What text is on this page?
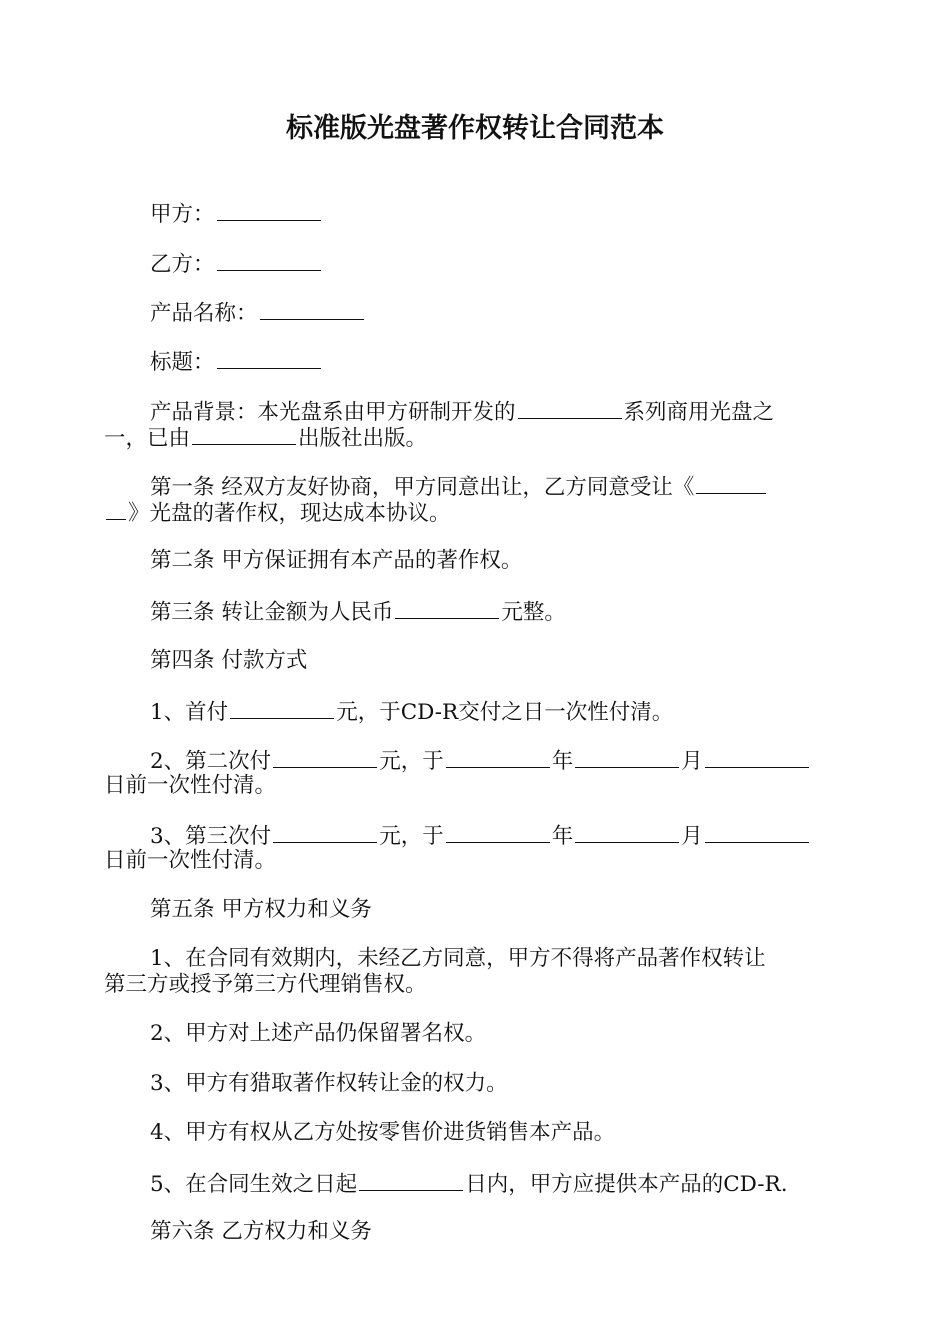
标准版光盘著作权转让合同范本
甲方：
乙方：
产品名称：
标题：
产品背景：本光盘系由甲方研制开发的	系列商用光盘之
一，已由	出版社出版。
第一条 经双方友好协商，甲方同意出让，乙方同意受让《
》光盘的著作权，现达成本协议。
第二条 甲方保证拥有本产品的著作权。
第三条 转让金额为人民币	元整。
第四条 付款方式
1、首付	元，于CD-R交付之日一次性付清。
2、第二次付	元，于	年	月
日前一次性付清。
3、第三次付	元，于	年	月
日前一次性付清。
第五条 甲方权力和义务
1、在合同有效期内，未经乙方同意，甲方不得将产品著作权转让
第三方或授予第三方代理销售权。
2、甲方对上述产品仍保留署名权。
3、甲方有猎取著作权转让金的权力。
4、甲方有权从乙方处按零售价进货销售本产品。
5、在合同生效之日起	日内，甲方应提供本产品的CD-R.
第六条 乙方权力和义务
